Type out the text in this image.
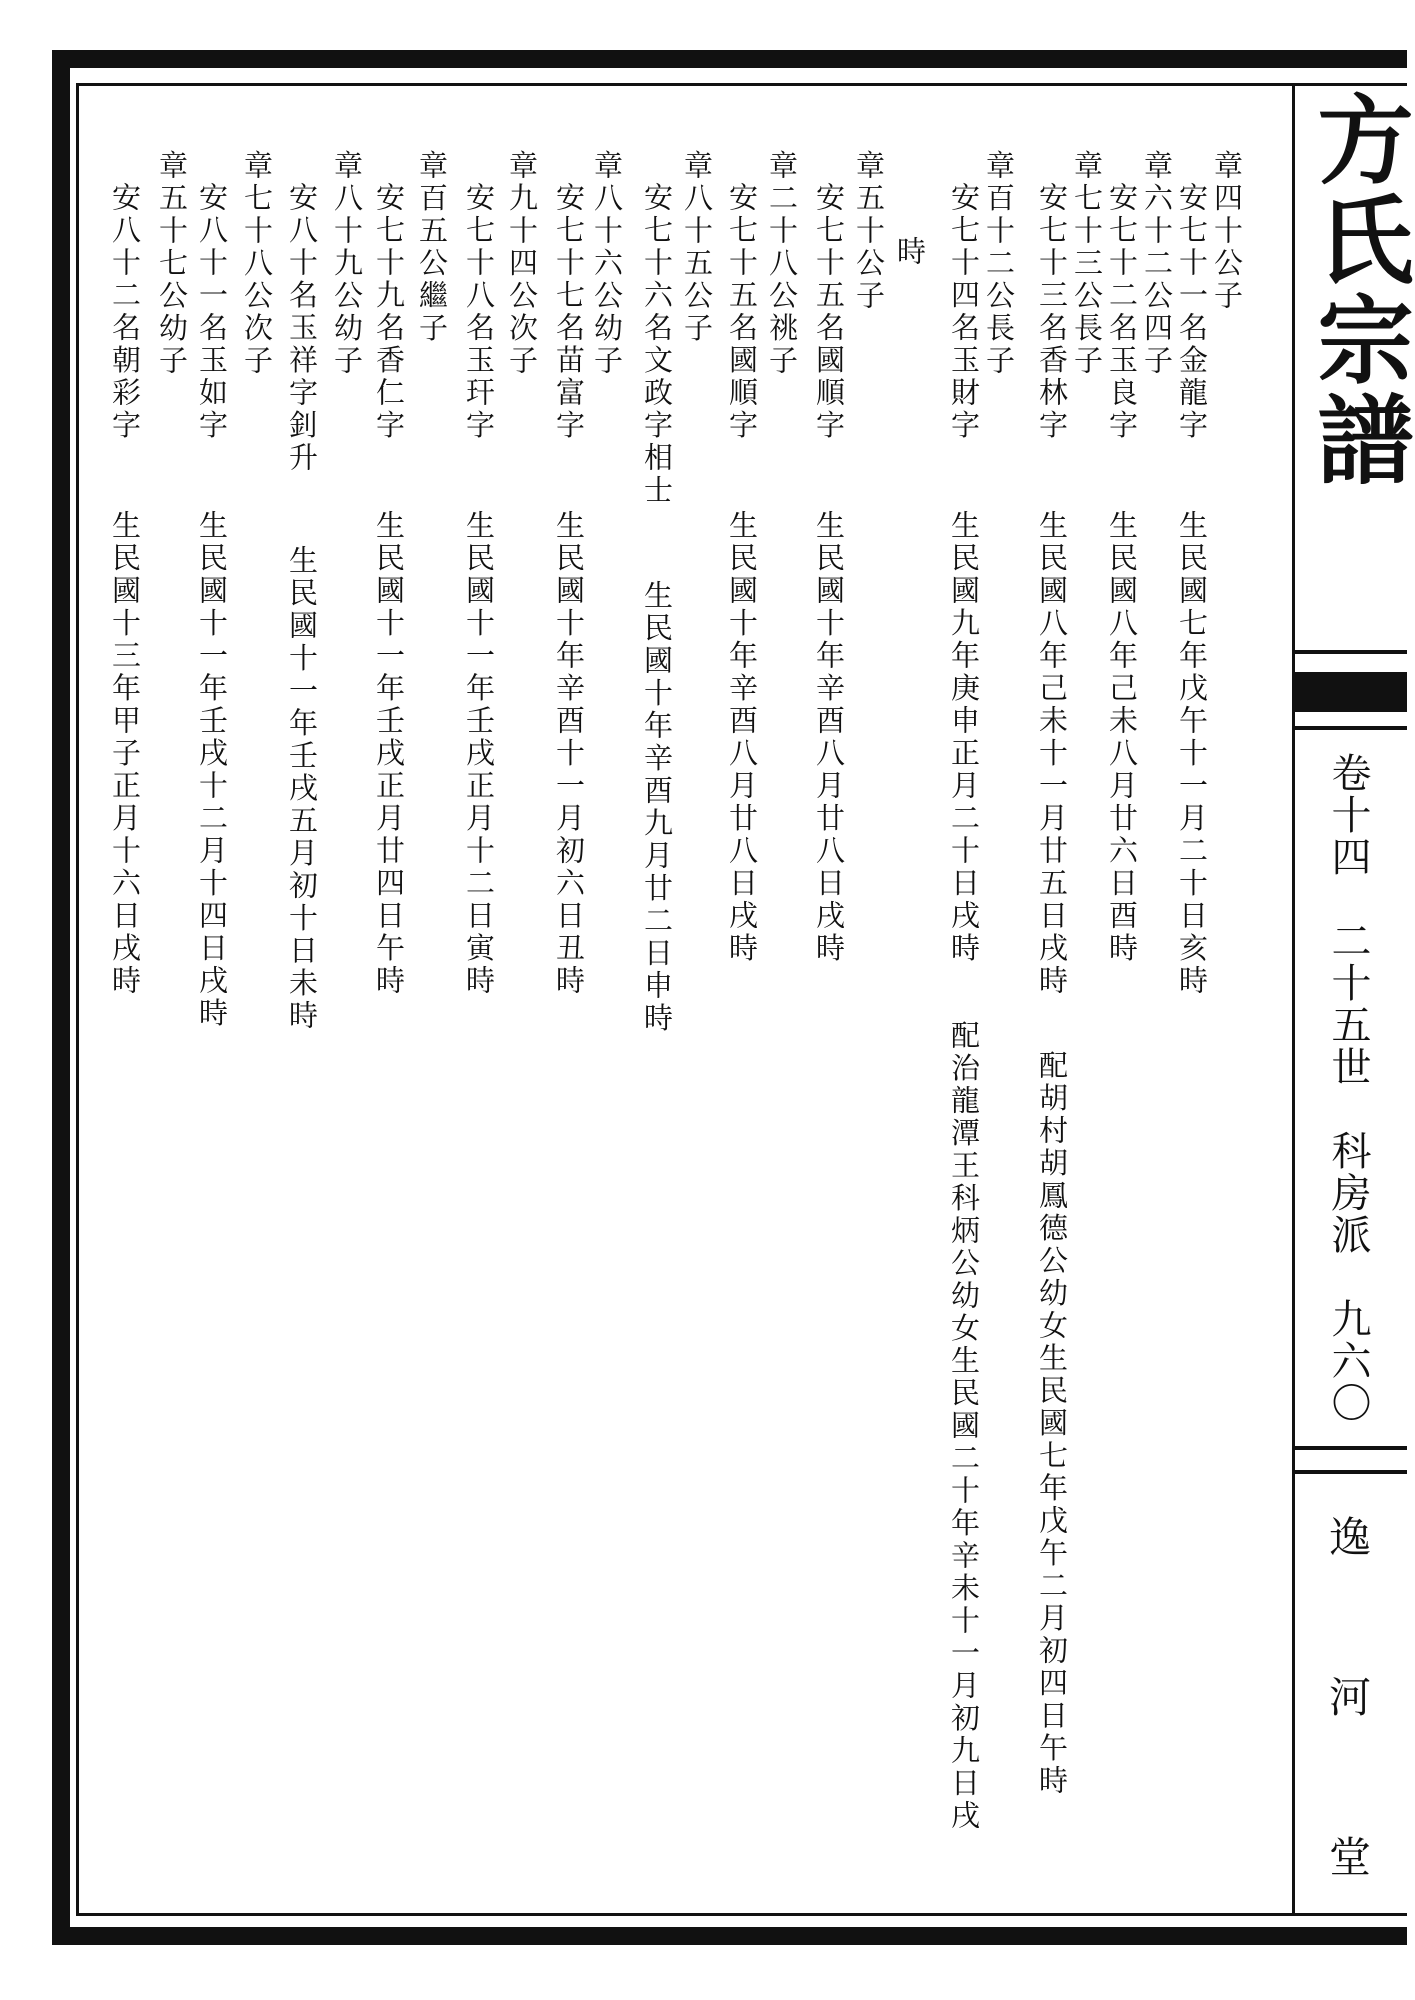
方氏宗譜
卷十四　二十五世　科房派　九六〇
逸
河
堂
章四十公子
安七十一名金龍字
生民國七年戊午十一月二十日亥時
章六十二公四子
安七十二名玉良字
生民國八年己未八月廿六日酉時
章七十三公長子
安七十三名香林字
生民國八年己未十一月廿五日戌時
配胡村胡鳳德公幼女生民國七年戊午二月初四日午時
章百十二公長子
安七十四名玉財字
生民國九年庚申正月二十日戌時
配治龍潭王科炳公幼女生民國二十年辛未十一月初九日戌
時
章五十公子
安七十五名國順字
生民國十年辛酉八月廿八日戌時
章二十八公祧子
安七十五名國順字
生民國十年辛酉八月廿八日戌時
章八十五公子
安七十六名文政字相士
生民國十年辛酉九月廿二日申時
章八十六公幼子
安七十七名苗富字
生民國十年辛酉十一月初六日丑時
章九十四公次子
安七十八名玉玕字
生民國十一年壬戌正月十二日寅時
章百五公繼子
安七十九名香仁字
生民國十一年壬戌正月廿四日午時
章八十九公幼子
安八十名玉祥字釗升
生民國十一年壬戌五月初十日未時
章七十八公次子
安八十一名玉如字
生民國十一年壬戌十二月十四日戌時
章五十七公幼子
安八十二名朝彩字
生民國十三年甲子正月十六日戌時
